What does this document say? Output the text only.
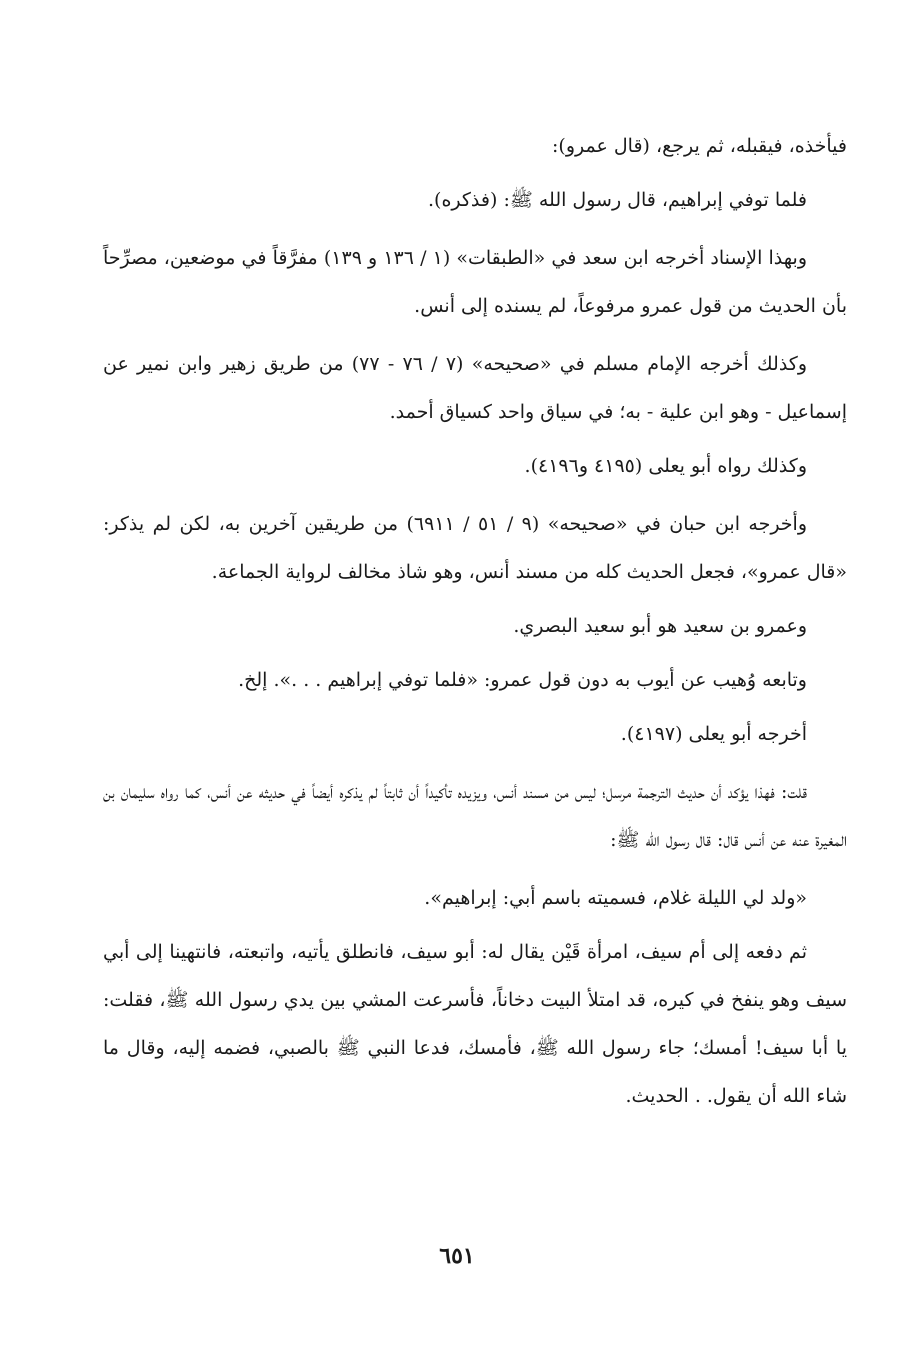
فيأخذه، فيقبله، ثم يرجع، (قال عمرو):

فلما توفي إبراهيم، قال رسول الله ﷺ: (فذكره).

وبهذا الإسناد أخرجه ابن سعد في «الطبقات» (١ / ١٣٦ و ١٣٩) مفرَّقاً في موضعين، مصرِّحاً بأن الحديث من قول عمرو مرفوعاً، لم يسنده إلى أنس.

وكذلك أخرجه الإمام مسلم في «صحيحه» (٧ / ٧٦ - ٧٧) من طريق زهير وابن نمير عن إسماعيل - وهو ابن علية - به؛ في سياق واحد كسياق أحمد.

وكذلك رواه أبو يعلى (٤١٩٥ و٤١٩٦).

وأخرجه ابن حبان في «صحيحه» (٩ / ٥١ / ٦٩١١) من طريقين آخرين به، لكن لم يذكر: «قال عمرو»، فجعل الحديث كله من مسند أنس، وهو شاذ مخالف لرواية الجماعة.

وعمرو بن سعيد هو أبو سعيد البصري.

وتابعه وُهيب عن أيوب به دون قول عمرو: «فلما توفي إبراهيم . . .». إلخ.

أخرجه أبو يعلى (٤١٩٧).

قلت: فهذا يؤكد أن حديث الترجمة مرسل؛ ليس من مسند أنس، ويزيده تأكيداً أن ثابتاً لم يذكره أيضاً في حديثه عن أنس، كما رواه سليمان بن المغيرة عنه عن أنس قال: قال رسول الله ﷺ:

«ولد لي الليلة غلام، فسميته باسم أبي: إبراهيم».

ثم دفعه إلى أم سيف، امرأة قَيْن يقال له: أبو سيف، فانطلق يأتيه، واتبعته، فانتهينا إلى أبي سيف وهو ينفخ في كيره، قد امتلأ البيت دخاناً، فأسرعت المشي بين يدي رسول الله ﷺ، فقلت: يا أبا سيف! أمسك؛ جاء رسول الله ﷺ، فأمسك، فدعا النبي ﷺ بالصبي، فضمه إليه، وقال ما شاء الله أن يقول. . الحديث.

٦٥١
